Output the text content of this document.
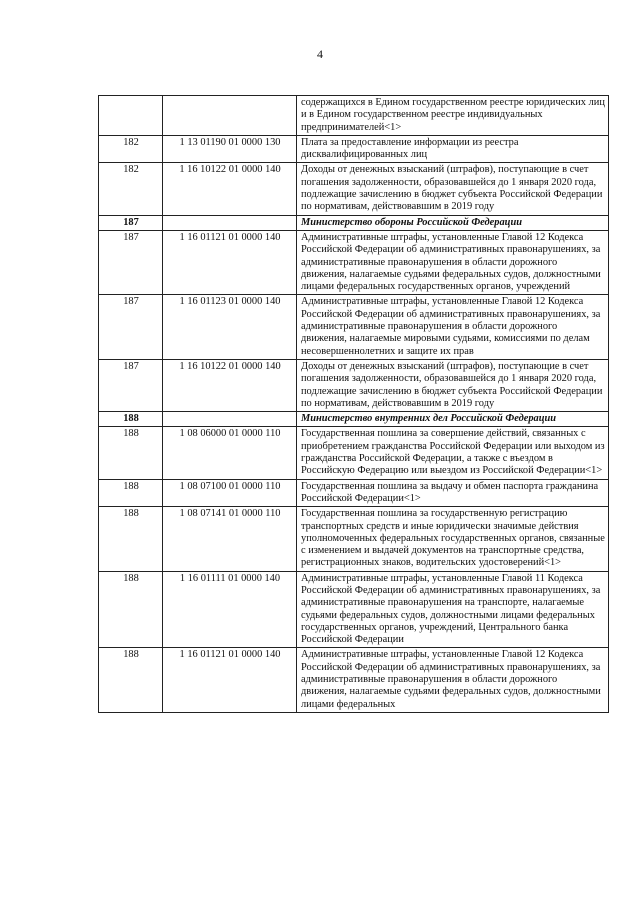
4
		содержащихся в Едином государственном реестре юридических лиц и в Едином государственном реестре индивидуальных предпринимателей<1>
182	1 13 01190 01 0000 130	Плата за предоставление информации из реестра дисквалифицированных лиц
182	1 16 10122 01 0000 140	Доходы от денежных взысканий (штрафов), поступающие в счет погашения задолженности, образовавшейся до 1 января 2020 года, подлежащие зачислению в бюджет субъекта Российской Федерации по нормативам, действовавшим в 2019 году
187		Министерство обороны Российской Федерации
187	1 16 01121 01 0000 140	Административные штрафы, установленные Главой 12 Кодекса Российской Федерации об административных правонарушениях, за административные правонарушения в области дорожного движения, налагаемые судьями федеральных судов, должностными лицами федеральных государственных органов, учреждений
187	1 16 01123 01 0000 140	Административные штрафы, установленные Главой 12 Кодекса Российской Федерации об административных правонарушениях, за административные правонарушения в области дорожного движения, налагаемые мировыми судьями, комиссиями по делам несовершеннолетних и защите их прав
187	1 16 10122 01 0000 140	Доходы от денежных взысканий (штрафов), поступающие в счет погашения задолженности, образовавшейся до 1 января 2020 года, подлежащие зачислению в бюджет субъекта Российской Федерации по нормативам, действовавшим в 2019 году
188		Министерство внутренних дел Российской Федерации
188	1 08 06000 01 0000 110	Государственная пошлина за совершение действий, связанных с приобретением гражданства Российской Федерации или выходом из гражданства Российской Федерации, а также с въездом в Российскую Федерацию или выездом из Российской Федерации<1>
188	1 08 07100 01 0000 110	Государственная пошлина за выдачу и обмен паспорта гражданина Российской Федерации<1>
188	1 08 07141 01 0000 110	Государственная пошлина за государственную регистрацию транспортных средств и иные юридически значимые действия уполномоченных федеральных государственных органов, связанные с изменением и выдачей документов на транспортные средства, регистрационных знаков, водительских удостоверений<1>
188	1 16 01111 01 0000 140	Административные штрафы, установленные Главой 11 Кодекса Российской Федерации об административных правонарушениях, за административные правонарушения на транспорте, налагаемые судьями федеральных судов, должностными лицами федеральных государственных органов, учреждений, Центрального банка Российской Федерации
188	1 16 01121 01 0000 140	Административные штрафы, установленные Главой 12 Кодекса Российской Федерации об административных правонарушениях, за административные правонарушения в области дорожного движения, налагаемые судьями федеральных судов, должностными лицами федеральных
